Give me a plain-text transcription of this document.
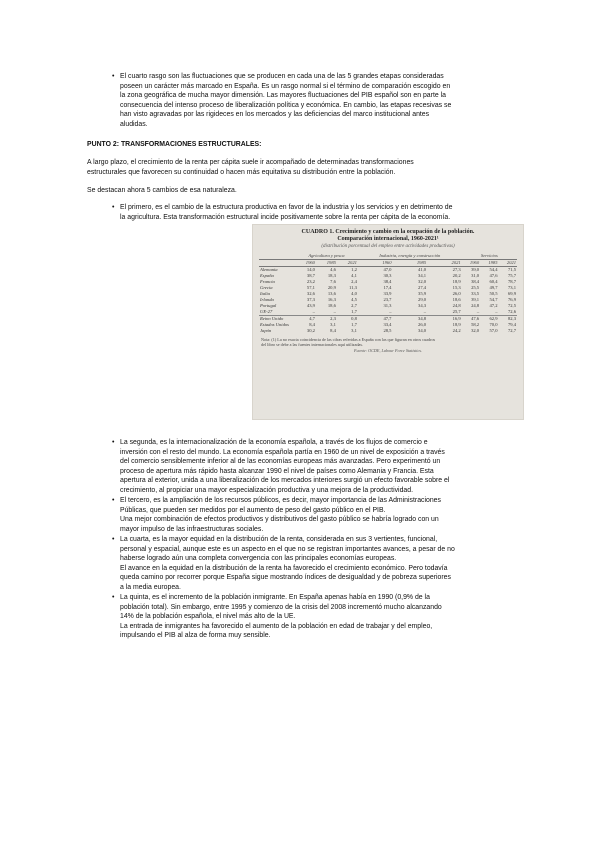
• El cuarto rasgo son las fluctuaciones que se producen en cada una de las 5 grandes etapas consideradas
poseen un carácter más marcado en España. Es un rasgo normal si el término de comparación escogido en
la zona geográfica de mucha mayor dimensión. Las mayores fluctuaciones del PIB español son en parte la
consecuencia del intenso proceso de liberalización política y económica. En cambio, las etapas recesivas se
han visto agravadas por las rigideces en los mercados y las deficiencias del marco institucional antes
aludidas.
PUNTO 2: TRANSFORMACIONES ESTRUCTURALES:
A largo plazo, el crecimiento de la renta per cápita suele ir acompañado de determinadas transformaciones
estructurales que favorecen su continuidad o hacen más equitativa su distribución entre la población.
Se destacan ahora 5 cambios de esa naturaleza.
• El primero, es el cambio de la estructura productiva en favor de la industria y los servicios y en detrimento de
la agricultura. Esta transformación estructural incide positivamente sobre la renta per cápita de la economía.
CUADRO 1. Crecimiento y cambio en la ocupación de la población.
Comparación internacional, 1960-2021¹
(distribución porcentual del empleo entre actividades productivas)
	Agricultura y pesca			Industria, energía y construcción			Servicios		
	1960	1985	2021	1960	1985	2021	1960	1985	2021
Alemania	14,0	4,6	1,2	47,0	41,0	27,3	39,0	54,4	71,5
España	38,7	18,3	4,1	30,3	34,1	20,2	31,0	47,6	75,7
Francia	23,2	7,6	2,4	38,4	32,0	18,9	38,4	60,4	78,7
Grecia	57,1	20,9	11,3	17,4	27,4	15,3	25,5	49,7	73,1
Italia	32,6	13,6	4,0	33,9	35,9	26,0	33,5	50,5	69,9
Irlanda	37,3	16,3	4,5	23,7	29,0	18,6	39,1	54,7	76,9
Portugal	43,9	18,6	2,7	31,3	34,3	24,8	24,8	47,2	72,5
UE-27	–	–	1,7	–	–	25,7	–	–	72,6
Reino Unido	4,7	2,3	0,8	47,7	34,8	16,9	47,6	62,9	82,3
Estados Unidos	8,4	3,1	1,7	33,4	26,0	18,9	58,2	70,0	79,4
Japón	30,2	8,4	3,1	28,5	34,0	24,2	32,0	57,0	72,7
Nota: (1) La no exacta coincidencia de las cifras referidas a España con las que figuran en otros cuadros
del libro se debe a las fuentes internacionales aquí utilizadas.
Fuente: OCDE, Labour Force Statistics.
• La segunda, es la internacionalización de la economía española, a través de los flujos de comercio e
inversión con el resto del mundo. La economía española partía en 1960 de un nivel de exposición a través
del comercio sensiblemente inferior al de las economías europeas más avanzadas. Pero experimentó un
proceso de apertura más rápido hasta alcanzar 1990 el nivel de países como Alemania y Francia. Esta
apertura al exterior, unida a una liberalización de los mercados interiores surgió un efecto favorable sobre el
crecimiento, al propiciar una mayor especialización productiva y una mejora de la productividad.
• El tercero, es la ampliación de los recursos públicos, es decir, mayor importancia de las Administraciones
Públicas, que pueden ser medidos por el aumento de peso del gasto público en el PIB.
Una mejor combinación de efectos productivos y distributivos del gasto público se habría logrado con un
mayor impulso de las infraestructuras sociales.
• La cuarta, es la mayor equidad en la distribución de la renta, considerada en sus 3 vertientes, funcional,
personal y espacial, aunque este es un aspecto en el que no se registran importantes avances, a pesar de no
haberse logrado aún una completa convergencia con las principales economías europeas.
El avance en la equidad en la distribución de la renta ha favorecido el crecimiento económico. Pero todavía
queda camino por recorrer porque España sigue mostrando índices de desigualdad y de pobreza superiores
a la media europea.
• La quinta, es el incremento de la población inmigrante. En España apenas había en 1990 (0,9% de la
población total). Sin embargo, entre 1995 y comienzo de la crisis del 2008 incrementó mucho alcanzando
14% de la población española, el nivel más alto de la UE.
La entrada de inmigrantes ha favorecido el aumento de la población en edad de trabajar y del empleo,
impulsando el PIB al alza de forma muy sensible.
